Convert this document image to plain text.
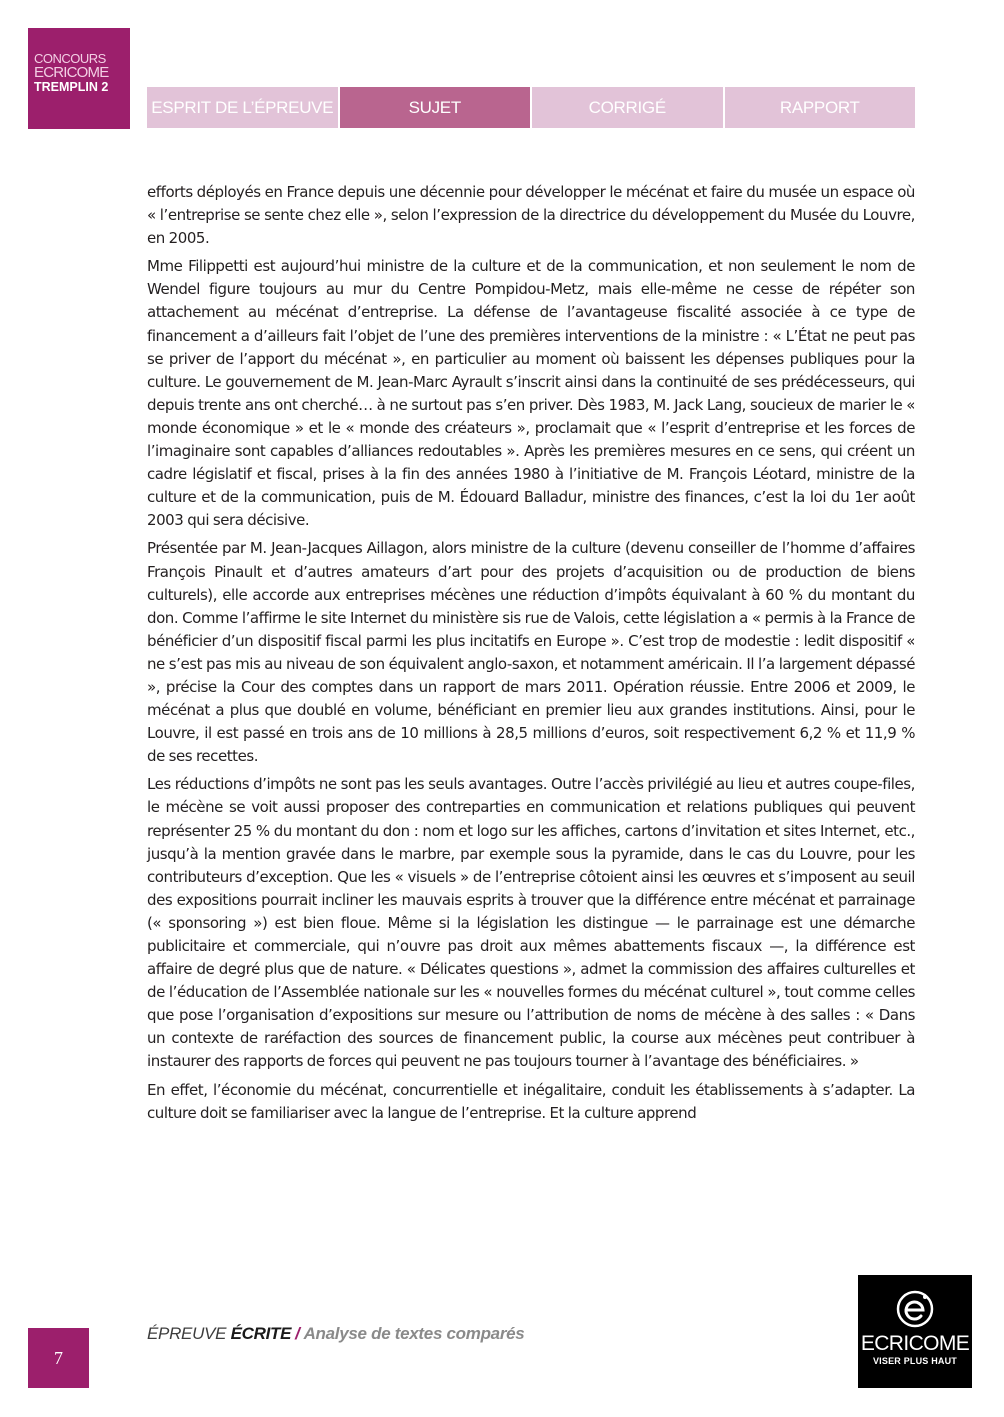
CONCOURS
ECRICOME
TREMPLIN 2
ESPRIT DE L’ÉPREUVE	SUJET	CORRIGÉ	RAPPORT

efforts déployés en France depuis une décennie pour développer le mécénat et faire du musée un espace où « l’entreprise se sente chez elle », selon l’expression de la directrice du développement du Musée du Louvre, en 2005.

Mme Filippetti est aujourd’hui ministre de la culture et de la communication, et non seulement le nom de Wendel figure toujours au mur du Centre Pompidou-Metz, mais elle-même ne cesse de répéter son attachement au mécénat d’entreprise. La défense de l’avantageuse fiscalité associée à ce type de financement a d’ailleurs fait l’objet de l’une des premières interventions de la ministre : « L’État ne peut pas se priver de l’apport du mécénat », en particulier au moment où baissent les dépenses publiques pour la culture. Le gouvernement de M. Jean-Marc Ayrault s’inscrit ainsi dans la continuité de ses prédécesseurs, qui depuis trente ans ont cherché… à ne surtout pas s’en priver. Dès 1983, M. Jack Lang, soucieux de marier le « monde économique » et le « monde des créateurs », proclamait que « l’esprit d’entreprise et les forces de l’imaginaire sont capables d’alliances redoutables ». Après les premières mesures en ce sens, qui créent un cadre législatif et fiscal, prises à la fin des années 1980 à l’initiative de M. François Léotard, ministre de la culture et de la communication, puis de M. Édouard Balladur, ministre des finances, c’est la loi du 1er août 2003 qui sera décisive.

Présentée par M. Jean-Jacques Aillagon, alors ministre de la culture (devenu conseiller de l’homme d’affaires François Pinault et d’autres amateurs d’art pour des projets d’acquisition ou de production de biens culturels), elle accorde aux entreprises mécènes une réduction d’impôts équivalant à 60 % du montant du don. Comme l’affirme le site Internet du ministère sis rue de Valois, cette législation a « permis à la France de bénéficier d’un dispositif fiscal parmi les plus incitatifs en Europe ». C’est trop de modestie : ledit dispositif « ne s’est pas mis au niveau de son équivalent anglo-saxon, et notamment américain. Il l’a largement dépassé », précise la Cour des comptes dans un rapport de mars 2011. Opération réussie. Entre 2006 et 2009, le mécénat a plus que doublé en volume, bénéficiant en premier lieu aux grandes institutions. Ainsi, pour le Louvre, il est passé en trois ans de 10 millions à 28,5 millions d’euros, soit respectivement 6,2 % et 11,9 % de ses recettes.

Les réductions d’impôts ne sont pas les seuls avantages. Outre l’accès privilégié au lieu et autres coupe-files, le mécène se voit aussi proposer des contreparties en communication et relations publiques qui peuvent représenter 25 % du montant du don : nom et logo sur les affiches, cartons d’invitation et sites Internet, etc., jusqu’à la mention gravée dans le marbre, par exemple sous la pyramide, dans le cas du Louvre, pour les contributeurs d’exception. Que les « visuels » de l’entreprise côtoient ainsi les œuvres et s’imposent au seuil des expositions pourrait incliner les mauvais esprits à trouver que la différence entre mécénat et parrainage (« sponsoring ») est bien floue. Même si la législation les distingue — le parrainage est une démarche publicitaire et commerciale, qui n’ouvre pas droit aux mêmes abattements fiscaux —, la différence est affaire de degré plus que de nature. « Délicates questions », admet la commission des affaires culturelles et de l’éducation de l’Assemblée nationale sur les « nouvelles formes du mécénat culturel », tout comme celles que pose l’organisation d’expositions sur mesure ou l’attribution de noms de mécène à des salles : « Dans un contexte de raréfaction des sources de financement public, la course aux mécènes peut contribuer à instaurer des rapports de forces qui peuvent ne pas toujours tourner à l’avantage des bénéficiaires. »

En effet, l’économie du mécénat, concurrentielle et inégalitaire, conduit les établissements à s’adapter. La culture doit se familiariser avec la langue de l’entreprise. Et la culture apprend

ÉPREUVE ÉCRITE / Analyse de textes comparés
7
ECRICOME
VISER PLUS HAUT
